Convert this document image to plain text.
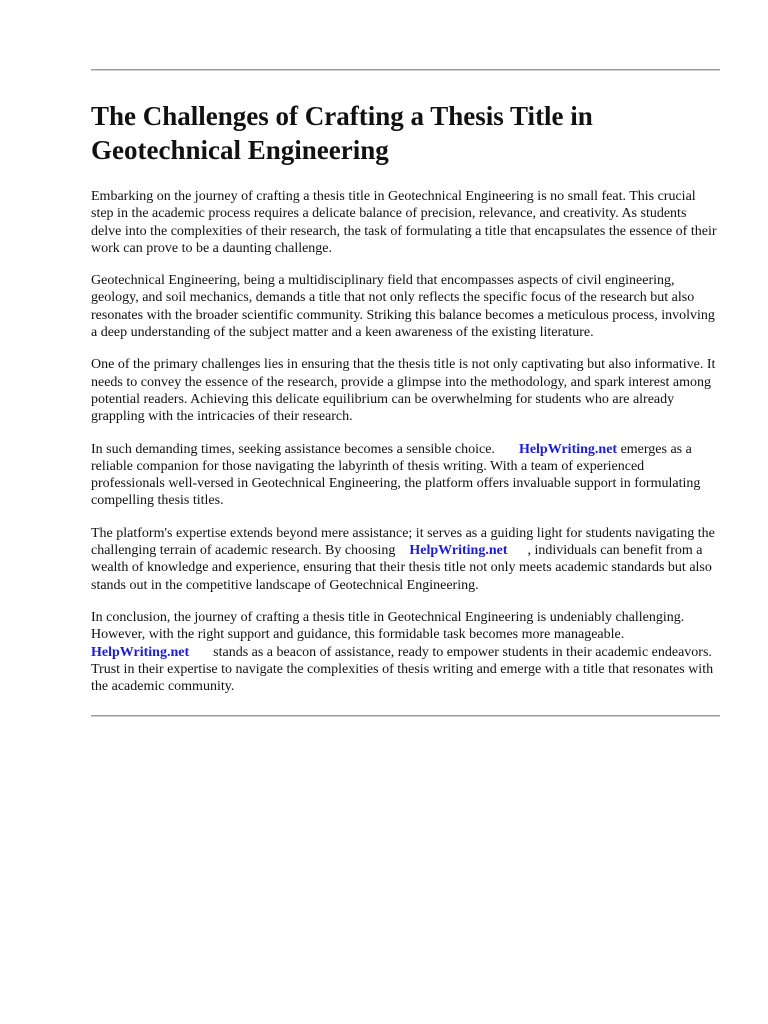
The Challenges of Crafting a Thesis Title in Geotechnical Engineering

Embarking on the journey of crafting a thesis title in Geotechnical Engineering is no small feat. This crucial step in the academic process requires a delicate balance of precision, relevance, and creativity. As students delve into the complexities of their research, the task of formulating a title that encapsulates the essence of their work can prove to be a daunting challenge.

Geotechnical Engineering, being a multidisciplinary field that encompasses aspects of civil engineering, geology, and soil mechanics, demands a title that not only reflects the specific focus of the research but also resonates with the broader scientific community. Striking this balance becomes a meticulous process, involving a deep understanding of the subject matter and a keen awareness of the existing literature.

One of the primary challenges lies in ensuring that the thesis title is not only captivating but also informative. It needs to convey the essence of the research, provide a glimpse into the methodology, and spark interest among potential readers. Achieving this delicate equilibrium can be overwhelming for students who are already grappling with the intricacies of their research.

In such demanding times, seeking assistance becomes a sensible choice. HelpWriting.net emerges as a reliable companion for those navigating the labyrinth of thesis writing. With a team of experienced professionals well-versed in Geotechnical Engineering, the platform offers invaluable support in formulating compelling thesis titles.

The platform's expertise extends beyond mere assistance; it serves as a guiding light for students navigating the challenging terrain of academic research. By choosing HelpWriting.net , individuals can benefit from a wealth of knowledge and experience, ensuring that their thesis title not only meets academic standards but also stands out in the competitive landscape of Geotechnical Engineering.

In conclusion, the journey of crafting a thesis title in Geotechnical Engineering is undeniably challenging. However, with the right support and guidance, this formidable task becomes more manageable.HelpWriting.net stands as a beacon of assistance, ready to empower students in their academic endeavors. Trust in their expertise to navigate the complexities of thesis writing and emerge with a title that resonates with the academic community.
